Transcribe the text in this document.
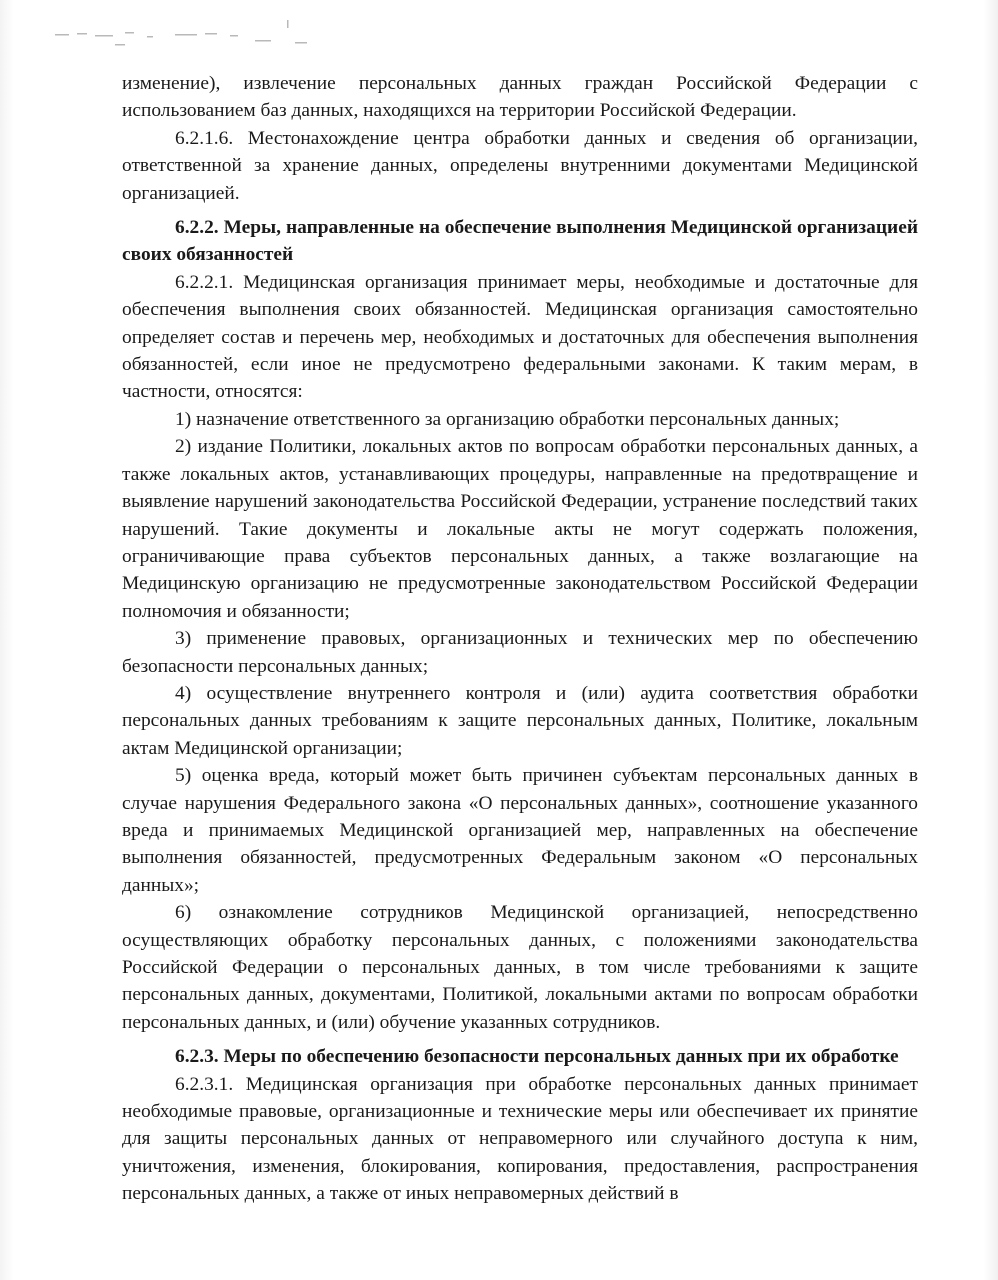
изменение), извлечение персональных данных граждан Российской Федерации с использованием баз данных, находящихся на территории Российской Федерации.

6.2.1.6. Местонахождение центра обработки данных и сведения об организации, ответственной за хранение данных, определены внутренними документами Медицинской организацией.

6.2.2. Меры, направленные на обеспечение выполнения Медицинской организацией своих обязанностей

6.2.2.1. Медицинская организация принимает меры, необходимые и достаточные для обеспечения выполнения своих обязанностей. Медицинская организация самостоятельно определяет состав и перечень мер, необходимых и достаточных для обеспечения выполнения обязанностей, если иное не предусмотрено федеральными законами. К таким мерам, в частности, относятся:

1) назначение ответственного за организацию обработки персональных данных;

2) издание Политики, локальных актов по вопросам обработки персональных данных, а также локальных актов, устанавливающих процедуры, направленные на предотвращение и выявление нарушений законодательства Российской Федерации, устранение последствий таких нарушений. Такие документы и локальные акты не могут содержать положения, ограничивающие права субъектов персональных данных, а также возлагающие на Медицинскую организацию не предусмотренные законодательством Российской Федерации полномочия и обязанности;

3) применение правовых, организационных и технических мер по обеспечению безопасности персональных данных;

4) осуществление внутреннего контроля и (или) аудита соответствия обработки персональных данных требованиям к защите персональных данных, Политике, локальным актам Медицинской организации;

5) оценка вреда, который может быть причинен субъектам персональных данных в случае нарушения Федерального закона «О персональных данных», соотношение указанного вреда и принимаемых Медицинской организацией мер, направленных на обеспечение выполнения обязанностей, предусмотренных Федеральным законом «О персональных данных»;

6) ознакомление сотрудников Медицинской организацией, непосредственно осуществляющих обработку персональных данных, с положениями законодательства Российской Федерации о персональных данных, в том числе требованиями к защите персональных данных, документами, Политикой, локальными актами по вопросам обработки персональных данных, и (или) обучение указанных сотрудников.

6.2.3. Меры по обеспечению безопасности персональных данных при их обработке

6.2.3.1. Медицинская организация при обработке персональных данных принимает необходимые правовые, организационные и технические меры или обеспечивает их принятие для защиты персональных данных от неправомерного или случайного доступа к ним, уничтожения, изменения, блокирования, копирования, предоставления, распространения персональных данных, а также от иных неправомерных действий в
